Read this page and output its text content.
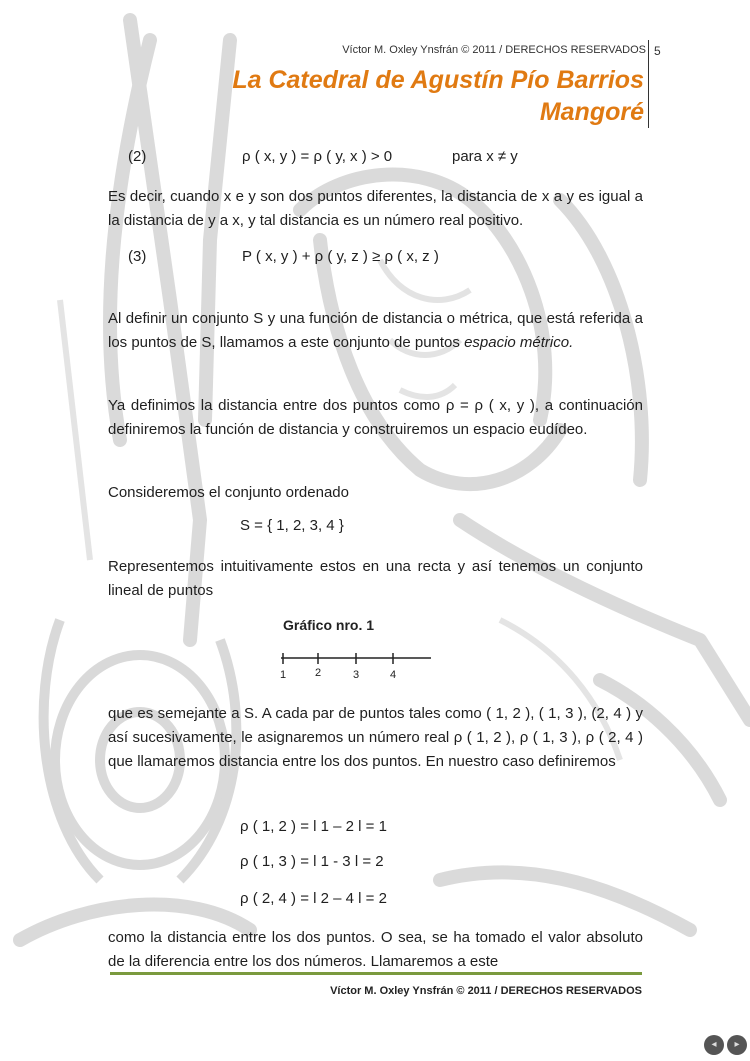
Víctor M. Oxley Ynsfrán © 2011 / DERECHOS RESERVADOS 5
La Catedral de Agustín Pío Barrios
Mangoré
(2)	ρ ( x, y ) = ρ ( y, x ) > 0	para x ≠ y
Es decir, cuando x e y son dos puntos diferentes, la distancia de x a y es igual a la distancia de y a x, y tal distancia es un número real positivo.
(3)	P ( x, y ) + ρ ( y, z ) ≥ ρ ( x, z )
Al definir un conjunto S y una función de distancia o métrica, que está referida a los puntos de S, llamamos a este conjunto de puntos espacio métrico.
Ya definimos la distancia entre dos puntos como ρ = ρ ( x, y ), a continuación definiremos la función de distancia y construiremos un espacio eudídeo.
Consideremos el conjunto ordenado
S = { 1, 2, 3, 4 }
Representemos intuitivamente estos en una recta y así tenemos un conjunto lineal de puntos
Gráfico nro. 1
1	2	3	4
que es semejante a S. A cada par de puntos tales como ( 1, 2 ), ( 1, 3 ), (2, 4 ) y así sucesivamente, le asignaremos un número real ρ ( 1, 2 ), ρ ( 1, 3 ), ρ ( 2, 4 ) que llamaremos distancia entre los dos puntos. En nuestro caso definiremos
ρ ( 1, 2 ) = l 1 – 2 l = 1
ρ ( 1, 3 ) = l 1 - 3 l = 2
ρ ( 2, 4 ) = l 2 – 4 l = 2
como la distancia entre los dos puntos. O sea, se ha tomado el valor absoluto de la diferencia entre los dos números. Llamaremos a este
Víctor M. Oxley Ynsfrán © 2011 / DERECHOS RESERVADOS
◂	▸
